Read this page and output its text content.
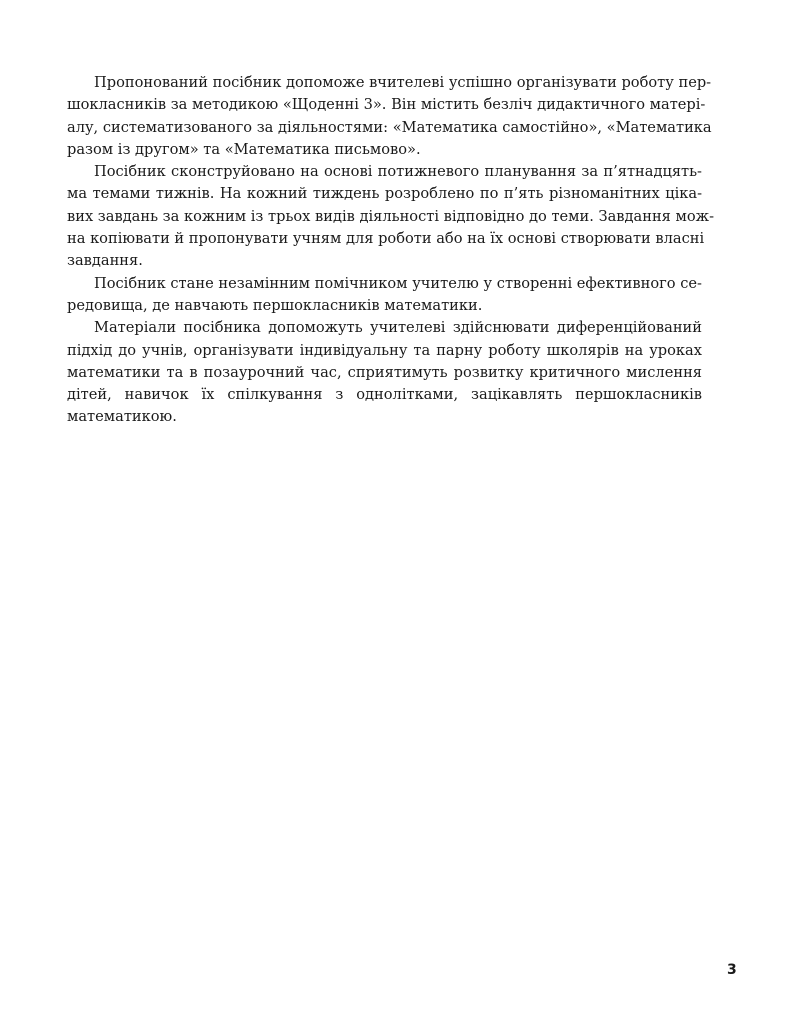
Пропонований посібник допоможе вчителеві успішно організувати роботу пер-
шокласників за методикою «Щоденні 3». Він містить безліч дидактичного матері-
алу, систематизованого за діяльностями: «Математика самостійно», «Математика
разом із другом» та «Математика письмово».
Посібник сконструйовано на основі потижневого планування за п’ятнадцять-
ма темами тижнів. На кожний тиждень розроблено по п’ять різноманітних ціка-
вих завдань за кожним із трьох видів діяльності відповідно до теми. Завдання мож-
на копіювати й пропонувати учням для роботи або на їх основі створювати власні
завдання.
Посібник стане незамінним помічником учителю у створенні ефективного се-
редовища, де навчають першокласників математики.
Матеріали посібника допоможуть учителеві здійснювати диференційований
підхід до учнів, організувати індивідуальну та парну роботу школярів на уроках
математики та в позаурочний час, сприятимуть розвитку критичного мислення
дітей, навичок їх спілкування з однолітками, зацікавлять першокласників
математикою.
3
